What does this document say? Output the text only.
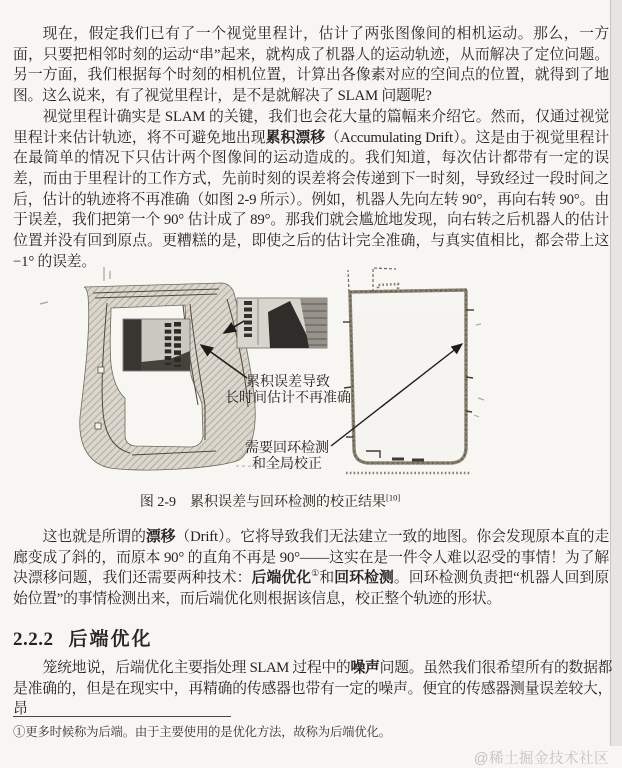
现在，假定我们已有了一个视觉里程计，估计了两张图像间的相机运动。那么，一方面，只要把相邻时刻的运动“串”起来，就构成了机器人的运动轨迹，从而解决了定位问题。另一方面，我们根据每个时刻的相机位置，计算出各像素对应的空间点的位置，就得到了地图。这么说来，有了视觉里程计，是不是就解决了 SLAM 问题呢?

视觉里程计确实是 SLAM 的关键，我们也会花大量的篇幅来介绍它。然而，仅通过视觉里程计来估计轨迹，将不可避免地出现累积漂移（Accumulating Drift）。这是由于视觉里程计在最简单的情况下只估计两个图像间的运动造成的。我们知道，每次估计都带有一定的误差，而由于里程计的工作方式，先前时刻的误差将会传递到下一时刻，导致经过一段时间之后，估计的轨迹将不再准确（如图 2-9 所示）。例如，机器人先向左转 90°，再向右转 90°。由于误差，我们把第一个 90° 估计成了 89°。那我们就会尴尬地发现，向右转之后机器人的估计位置并没有回到原点。更糟糕的是，即使之后的估计完全准确，与真实值相比，都会带上这 −1° 的误差。

累积误差导致
长时间估计不再准确
需要回环检测
和全局校正
图 2-9　累积误差与回环检测的校正结果[10]

这也就是所谓的漂移（Drift）。它将导致我们无法建立一致的地图。你会发现原本直的走廊变成了斜的，而原本 90° 的直角不再是 90°——这实在是一件令人难以忍受的事情！为了解决漂移问题，我们还需要两种技术：后端优化①和回环检测。回环检测负责把“机器人回到原始位置”的事情检测出来，而后端优化则根据该信息，校正整个轨迹的形状。

2.2.2 后端优化

笼统地说，后端优化主要指处理 SLAM 过程中的噪声问题。虽然我们很希望所有的数据都是准确的，但是在现实中，再精确的传感器也带有一定的噪声。便宜的传感器测量误差较大，昂

①更多时候称为后端。由于主要使用的是优化方法，故称为后端优化。
@稀土掘金技术社区
